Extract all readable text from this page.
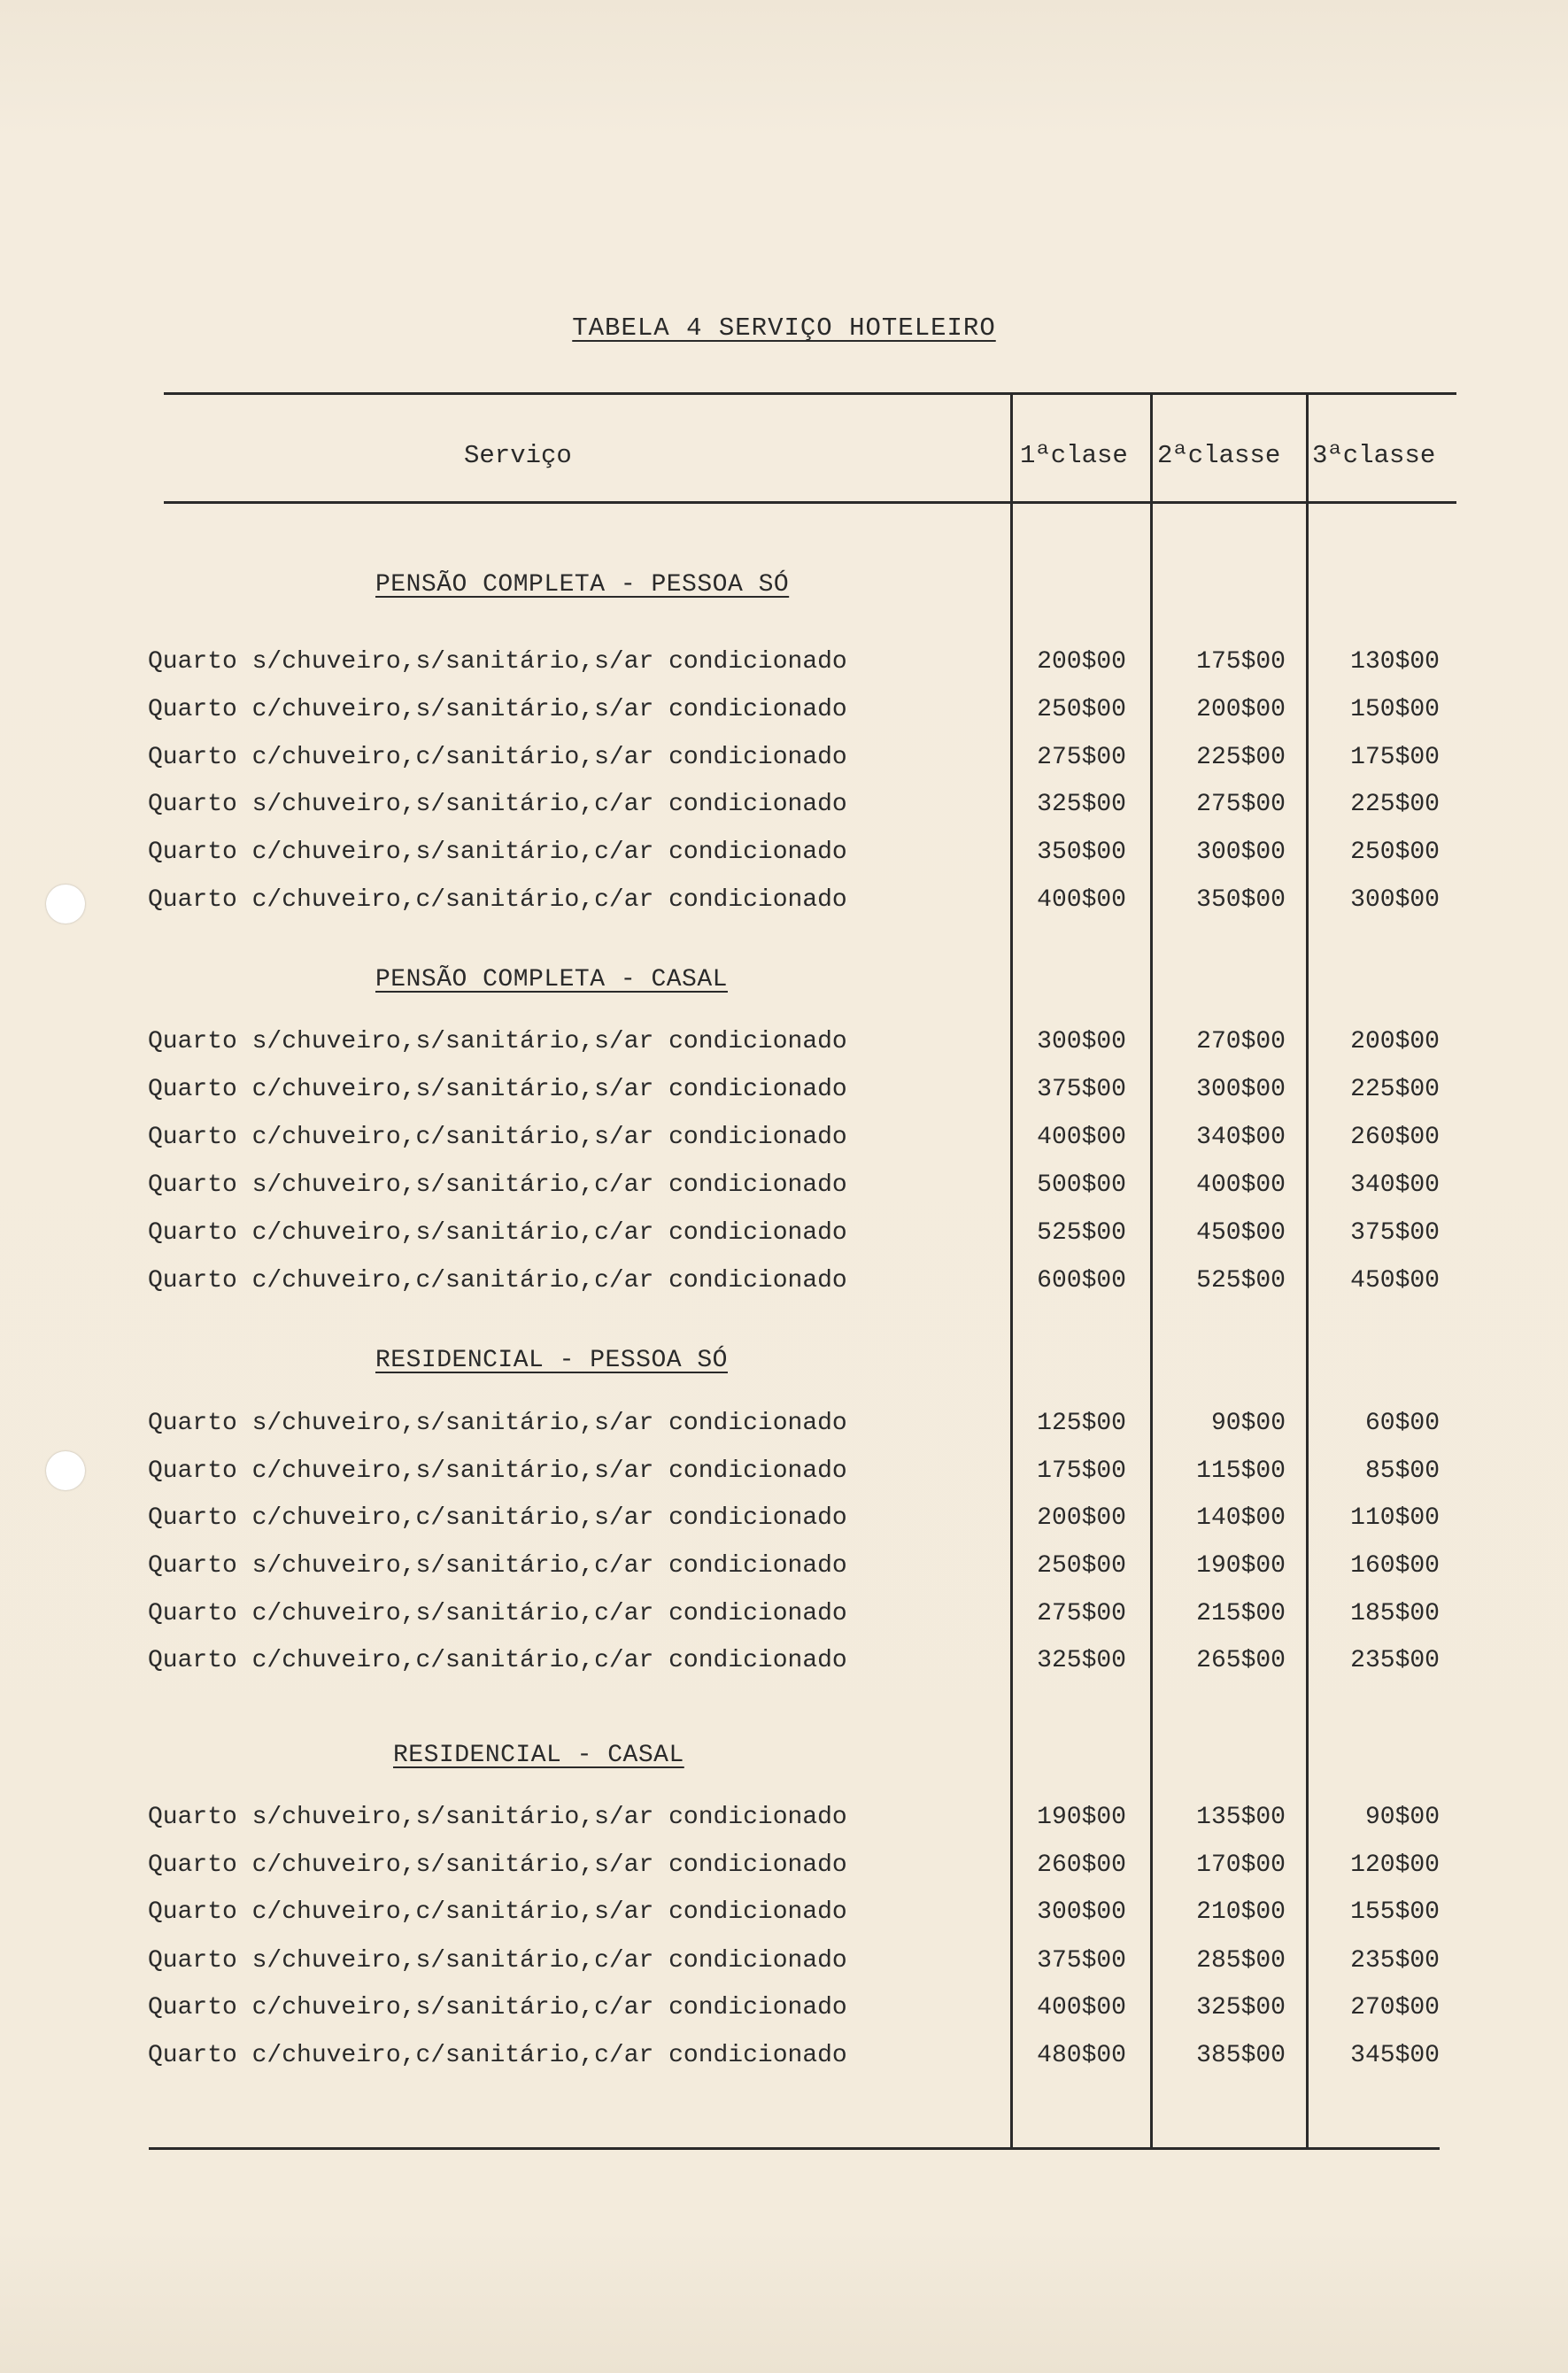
TABELA 4 SERVIÇO HOTELEIRO
Serviço	1ªclase 2ªclasse 3ªclasse
PENSÃO COMPLETA - PESSOA SÓ
Quarto s/chuveiro,s/sanitário,s/ar condicionado	200$00	175$00	130$00
Quarto c/chuveiro,s/sanitário,s/ar condicionado	250$00	200$00	150$00
Quarto c/chuveiro,c/sanitário,s/ar condicionado	275$00	225$00	175$00
Quarto s/chuveiro,s/sanitário,c/ar condicionado	325$00	275$00	225$00
Quarto c/chuveiro,s/sanitário,c/ar condicionado	350$00	300$00	250$00
Quarto c/chuveiro,c/sanitário,c/ar condicionado	400$00	350$00	300$00
PENSÃO COMPLETA - CASAL
Quarto s/chuveiro,s/sanitário,s/ar condicionado	300$00	270$00	200$00
Quarto c/chuveiro,s/sanitário,s/ar condicionado	375$00	300$00	225$00
Quarto c/chuveiro,c/sanitário,s/ar condicionado	400$00	340$00	260$00
Quarto s/chuveiro,s/sanitário,c/ar condicionado	500$00	400$00	340$00
Quarto c/chuveiro,s/sanitário,c/ar condicionado	525$00	450$00	375$00
Quarto c/chuveiro,c/sanitário,c/ar condicionado	600$00	525$00	450$00
RESIDENCIAL - PESSOA SÓ
Quarto s/chuveiro,s/sanitário,s/ar condicionado	125$00	90$00	60$00
Quarto c/chuveiro,s/sanitário,s/ar condicionado	175$00	115$00	85$00
Quarto c/chuveiro,c/sanitário,s/ar condicionado	200$00	140$00	110$00
Quarto s/chuveiro,s/sanitário,c/ar condicionado	250$00	190$00	160$00
Quarto c/chuveiro,s/sanitário,c/ar condicionado	275$00	215$00	185$00
Quarto c/chuveiro,c/sanitário,c/ar condicionado	325$00	265$00	235$00
RESIDENCIAL - CASAL
Quarto s/chuveiro,s/sanitário,s/ar condicionado	190$00	135$00	90$00
Quarto c/chuveiro,s/sanitário,s/ar condicionado	260$00	170$00	120$00
Quarto c/chuveiro,c/sanitário,s/ar condicionado	300$00	210$00	155$00
Quarto s/chuveiro,s/sanitário,c/ar condicionado	375$00	285$00	235$00
Quarto c/chuveiro,s/sanitário,c/ar condicionado	400$00	325$00	270$00
Quarto c/chuveiro,c/sanitário,c/ar condicionado	480$00	385$00	345$00
